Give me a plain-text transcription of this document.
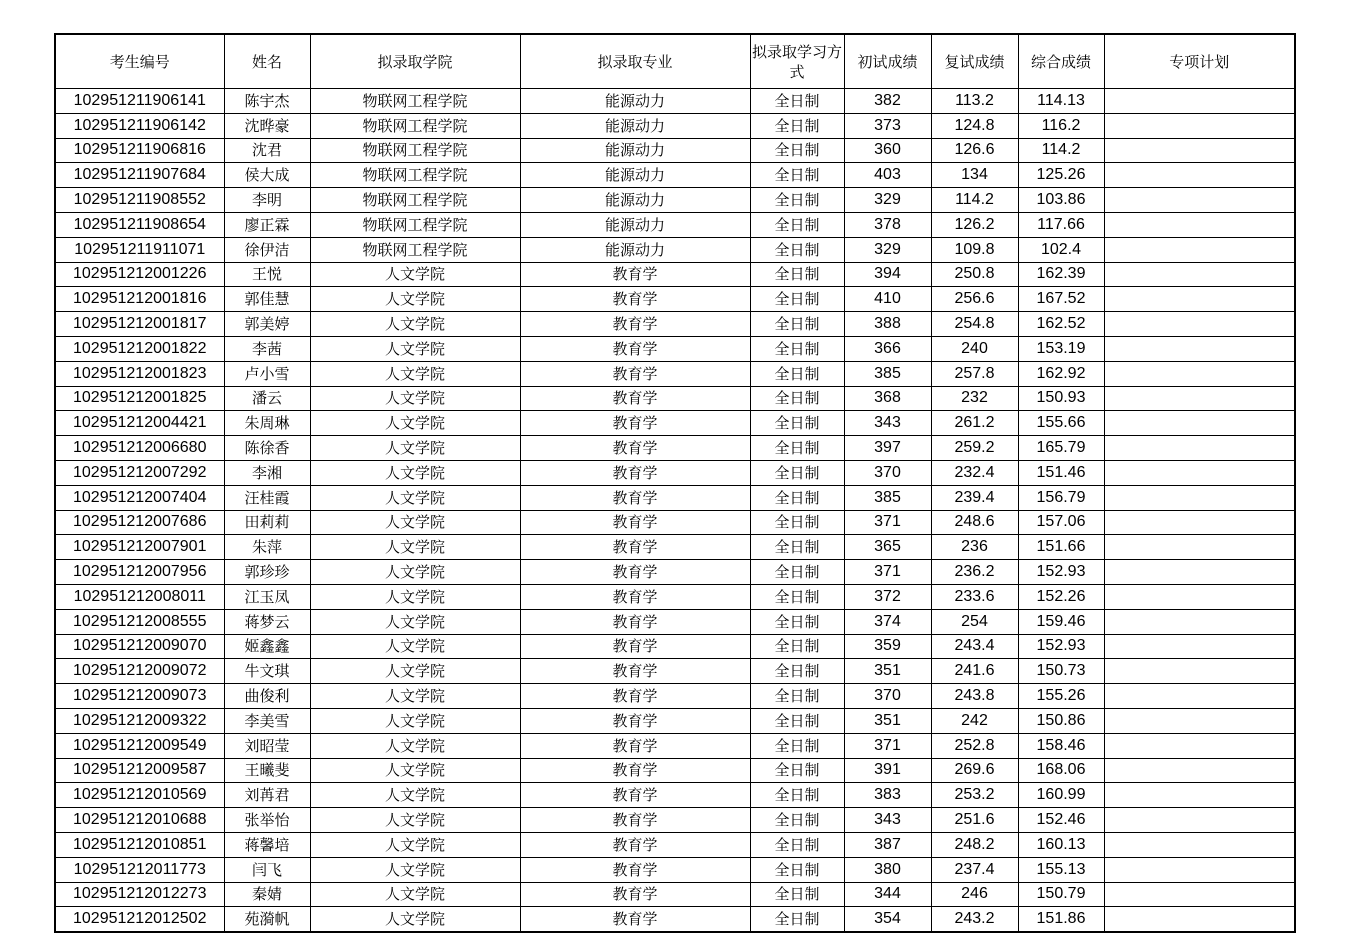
考生编号	姓名	拟录取学院	拟录取专业	拟录取学习方式	初试成绩	复试成绩	综合成绩	专项计划
102951211906141	陈宇杰	物联网工程学院	能源动力	全日制	382	113.2	114.13	
102951211906142	沈晔豪	物联网工程学院	能源动力	全日制	373	124.8	116.2	
102951211906816	沈君	物联网工程学院	能源动力	全日制	360	126.6	114.2	
102951211907684	侯大成	物联网工程学院	能源动力	全日制	403	134	125.26	
102951211908552	李明	物联网工程学院	能源动力	全日制	329	114.2	103.86	
102951211908654	廖正霖	物联网工程学院	能源动力	全日制	378	126.2	117.66	
102951211911071	徐伊洁	物联网工程学院	能源动力	全日制	329	109.8	102.4	
102951212001226	王悦	人文学院	教育学	全日制	394	250.8	162.39	
102951212001816	郭佳慧	人文学院	教育学	全日制	410	256.6	167.52	
102951212001817	郭美婷	人文学院	教育学	全日制	388	254.8	162.52	
102951212001822	李茜	人文学院	教育学	全日制	366	240	153.19	
102951212001823	卢小雪	人文学院	教育学	全日制	385	257.8	162.92	
102951212001825	潘云	人文学院	教育学	全日制	368	232	150.93	
102951212004421	朱周琳	人文学院	教育学	全日制	343	261.2	155.66	
102951212006680	陈徐香	人文学院	教育学	全日制	397	259.2	165.79	
102951212007292	李湘	人文学院	教育学	全日制	370	232.4	151.46	
102951212007404	汪桂霞	人文学院	教育学	全日制	385	239.4	156.79	
102951212007686	田莉莉	人文学院	教育学	全日制	371	248.6	157.06	
102951212007901	朱萍	人文学院	教育学	全日制	365	236	151.66	
102951212007956	郭珍珍	人文学院	教育学	全日制	371	236.2	152.93	
102951212008011	江玉凤	人文学院	教育学	全日制	372	233.6	152.26	
102951212008555	蒋梦云	人文学院	教育学	全日制	374	254	159.46	
102951212009070	姬鑫鑫	人文学院	教育学	全日制	359	243.4	152.93	
102951212009072	牛文琪	人文学院	教育学	全日制	351	241.6	150.73	
102951212009073	曲俊利	人文学院	教育学	全日制	370	243.8	155.26	
102951212009322	李美雪	人文学院	教育学	全日制	351	242	150.86	
102951212009549	刘昭莹	人文学院	教育学	全日制	371	252.8	158.46	
102951212009587	王曦斐	人文学院	教育学	全日制	391	269.6	168.06	
102951212010569	刘苒君	人文学院	教育学	全日制	383	253.2	160.99	
102951212010688	张举怡	人文学院	教育学	全日制	343	251.6	152.46	
102951212010851	蒋馨培	人文学院	教育学	全日制	387	248.2	160.13	
102951212011773	闫飞	人文学院	教育学	全日制	380	237.4	155.13	
102951212012273	秦婧	人文学院	教育学	全日制	344	246	150.79	
102951212012502	苑漪帆	人文学院	教育学	全日制	354	243.2	151.86	
